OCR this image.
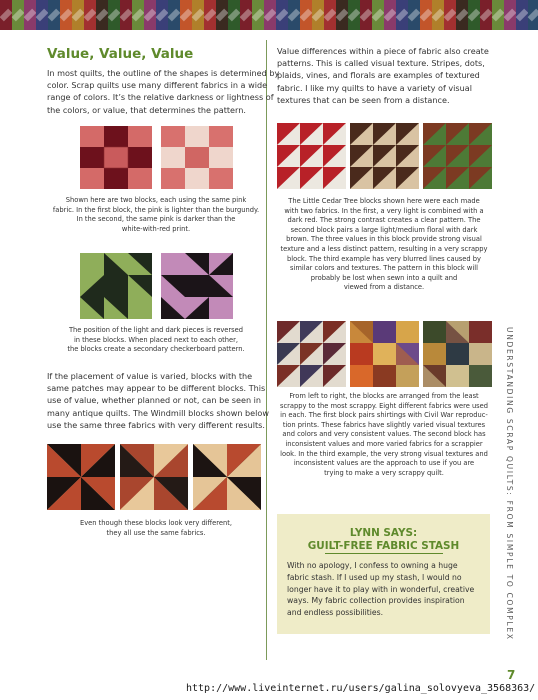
Value, Value, Value
In most quilts, the outline of the shapes is determined by
color. Scrap quilts use many different fabrics in a wide
range of colors. It’s the relative darkness or lightness of
the colors, or value, that determines the pattern.
Shown here are two blocks, each using the same pink
fabric. In the first block, the pink is lighter than the burgundy.
In the second, the same pink is darker than the
white-with-red print.
The position of the light and dark pieces is reversed
in these blocks. When placed next to each other,
the blocks create a secondary checkerboard pattern.
If the placement of value is varied, blocks with the
same patches may appear to be different blocks. This
use of value, whether planned or not, can be seen in
many antique quilts. The Windmill blocks shown below
use the same three fabrics with very different results.
Even though these blocks look very different,
they all use the same fabrics.
Value differences within a piece of fabric also create
patterns. This is called visual texture. Stripes, dots,
plaids, vines, and florals are examples of textured
fabric. I like my quilts to have a variety of visual
textures that can be seen from a distance.
The Little Cedar Tree blocks shown here were each made
with two fabrics. In the first, a very light is combined with a
dark red. The strong contrast creates a clear pattern. The
second block pairs a large light/medium floral with dark
brown. The three values in this block provide strong visual
texture and a less distinct pattern, resulting in a very scrappy
block. The third example has very blurred lines caused by
similar colors and textures. The pattern in this block will
probably be lost when sewn into a quilt and
viewed from a distance.
From left to right, the blocks are arranged from the least
scrappy to the most scrappy. Eight different fabrics were used
in each. The first block pairs shirtings with Civil War reproduc-
tion prints. These fabrics have slightly varied visual textures
and colors and very consistent values. The second block has
inconsistent values and more varied fabrics for a scrappier
look. In the third example, the very strong visual textures and
inconsistent values are the approach to use if you are
trying to make a very scrappy quilt.
LYNN SAYS:
GUILT-FREE FABRIC STASH
With no apology, I confess to owning a huge
fabric stash. If I used up my stash, I would no
longer have it to play with in wonderful, creative
ways. My fabric collection provides inspiration
and endless possibilities.	UNDERSTANDING SCRAP QUILTS: FROM SIMPLE TO COMPLEX
7
http://www.liveinternet.ru/users/galina_solovyeva_3568363/
